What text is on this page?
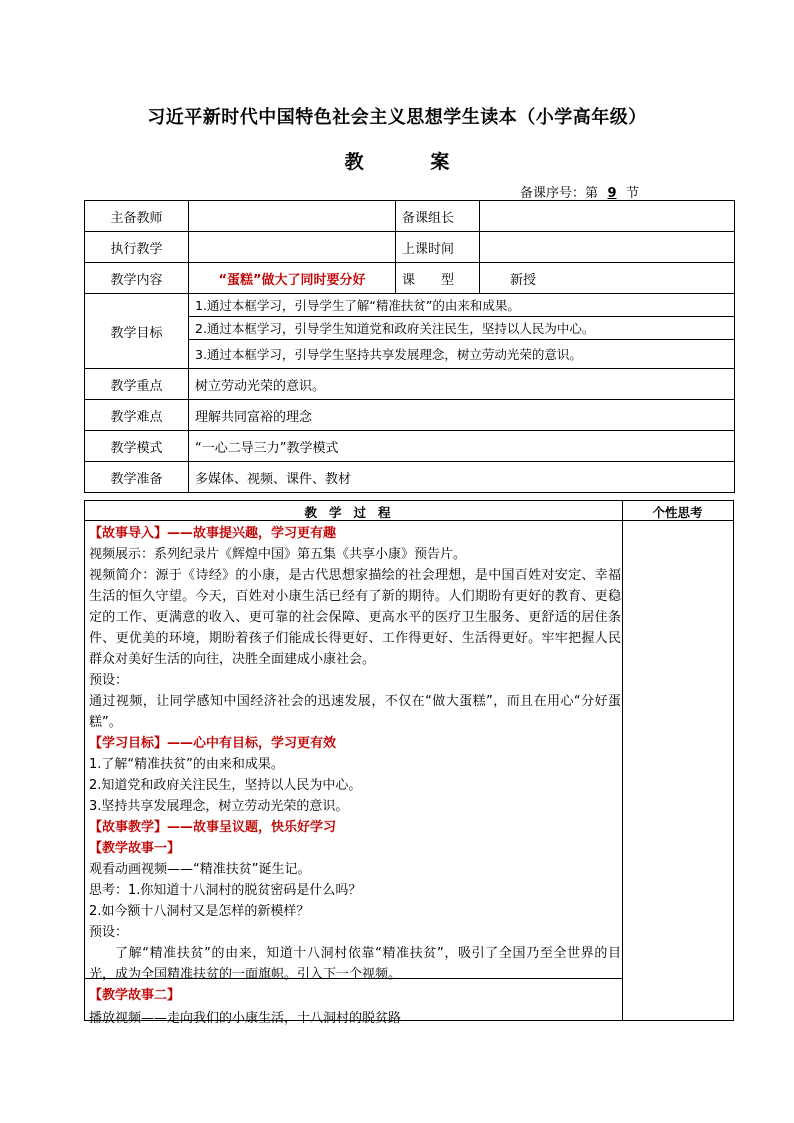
习近平新时代中国特色社会主义思想学生读本（小学高年级）
教	案
备课序号：第 9 节
主备教师		备课组长	
执行教学		上课时间	
教学内容	“蛋糕”做大了同时要分好	课　　型	新授
教学目标	1.通过本框学习，引导学生了解“精准扶贫”的由来和成果。		
	2.通过本框学习，引导学生知道党和政府关注民生，坚持以人民为中心。		
	3.通过本框学习，引导学生坚持共享发展理念，树立劳动光荣的意识。		
教学重点	树立劳动光荣的意识。		
教学难点	理解共同富裕的理念		
教学模式	“一心二导三力”教学模式		
教学准备	多媒体、视频、课件、教材		
教学过程	个性思考

【故事导入】——故事提兴趣，学习更有趣

视频展示：系列纪录片《辉煌中国》第五集《共享小康》预告片。

视频简介：源于《诗经》的小康，是古代思想家描绘的社会理想，是中国百姓对安定、幸福生活的恒久守望。今天，百姓对小康生活已经有了新的期待。人们期盼有更好的教育、更稳定的工作、更满意的收入、更可靠的社会保障、更高水平的医疗卫生服务、更舒适的居住条件、更优美的环境，期盼着孩子们能成长得更好、工作得更好、生活得更好。牢牢把握人民群众对美好生活的向往，决胜全面建成小康社会。

预设：

通过视频，让同学感知中国经济社会的迅速发展，不仅在“做大蛋糕”，而且在用心“分好蛋糕”。

【学习目标】——心中有目标，学习更有效

1.了解“精准扶贫”的由来和成果。

2.知道党和政府关注民生，坚持以人民为中心。

3.坚持共享发展理念，树立劳动光荣的意识。

【故事教学】——故事呈议题，快乐好学习

【教学故事一】

观看动画视频——“精准扶贫”诞生记。

思考：1.你知道十八洞村的脱贫密码是什么吗？

2.如今额十八洞村又是怎样的新模样？

预设：

了解“精准扶贫”的由来，知道十八洞村依靠“精准扶贫”，吸引了全国乃至全世界的目光，成为全国精准扶贫的一面旗帜。引入下一个视频。

【教学故事二】

播放视频——走向我们的小康生活，十八洞村的脱贫路
